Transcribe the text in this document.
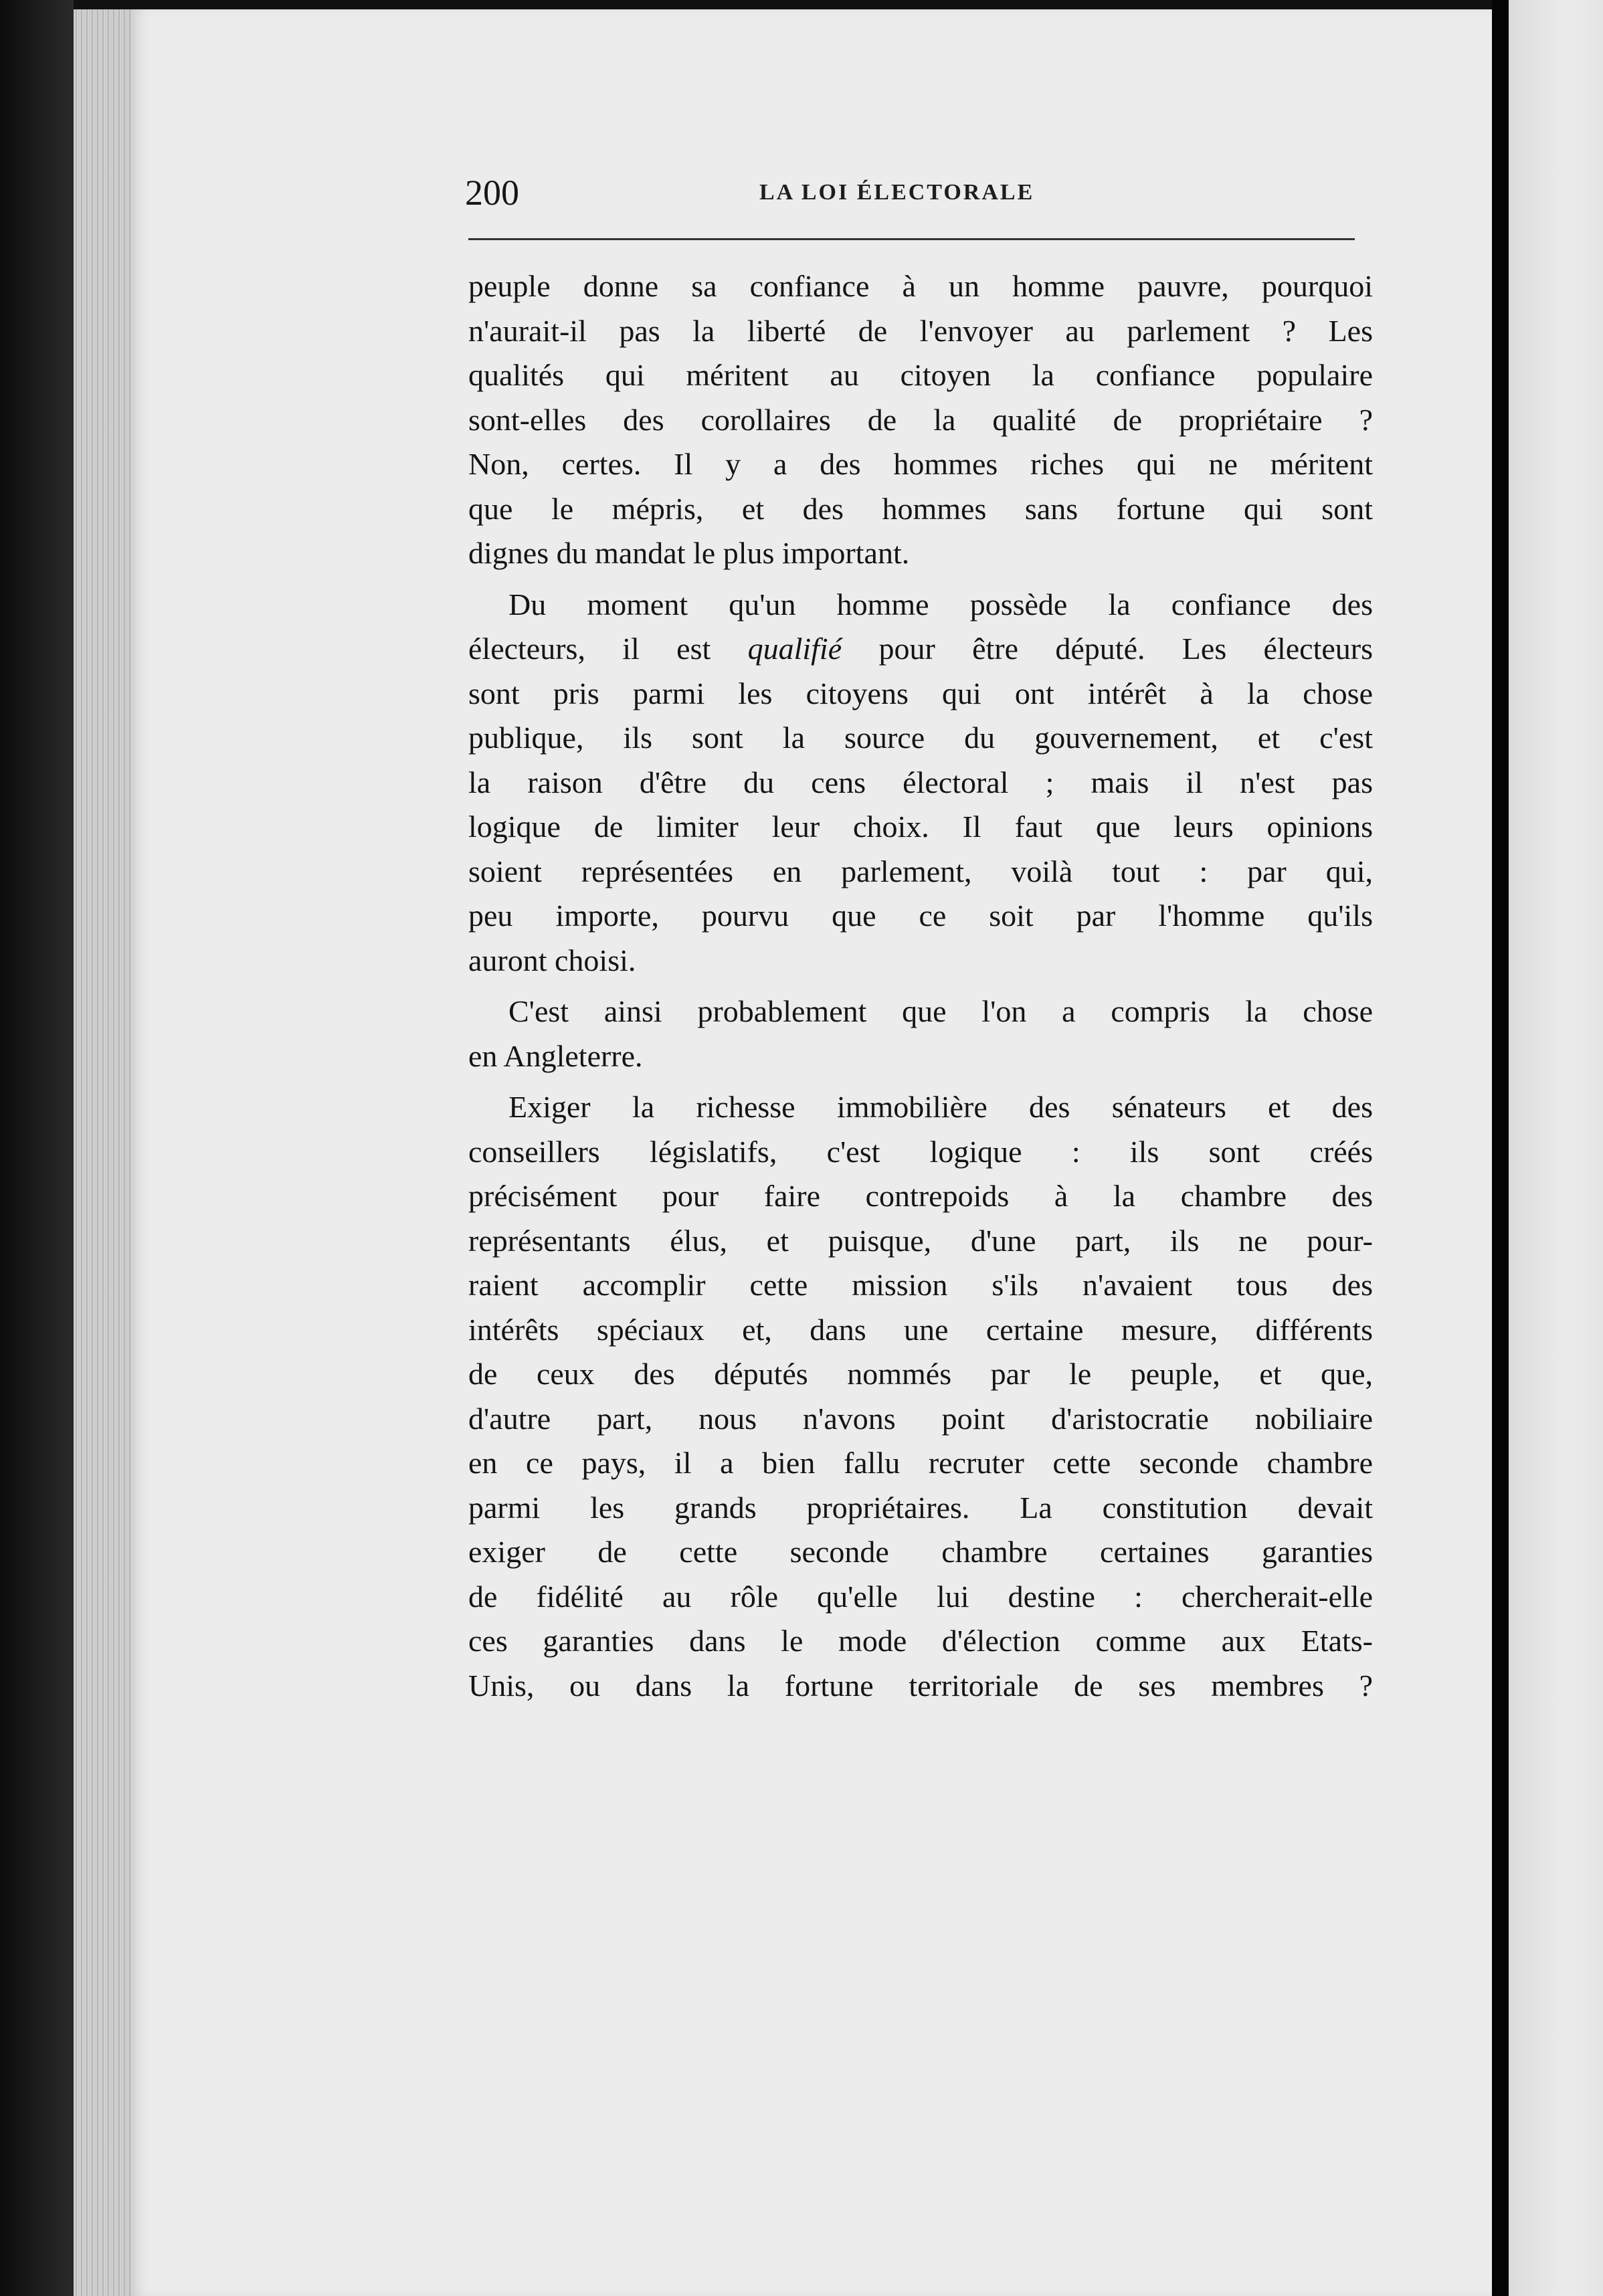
200	LA LOI ÉLECTORALE
peuple donne sa confiance à un homme pauvre, pourquoi
n'aurait-il pas la liberté de l'envoyer au parlement ? Les
qualités qui méritent au citoyen la confiance populaire
sont-elles des corollaires de la qualité de propriétaire ?
Non, certes. Il y a des hommes riches qui ne méritent
que le mépris, et des hommes sans fortune qui sont
dignes du mandat le plus important.
Du moment qu'un homme possède la confiance des
électeurs, il est qualifié pour être député. Les électeurs
sont pris parmi les citoyens qui ont intérêt à la chose
publique, ils sont la source du gouvernement, et c'est
la raison d'être du cens électoral ; mais il n'est pas
logique de limiter leur choix. Il faut que leurs opinions
soient représentées en parlement, voilà tout : par qui,
peu importe, pourvu que ce soit par l'homme qu'ils
auront choisi.
C'est ainsi probablement que l'on a compris la chose
en Angleterre.
Exiger la richesse immobilière des sénateurs et des
conseillers législatifs, c'est logique : ils sont créés
précisément pour faire contrepoids à la chambre des
représentants élus, et puisque, d'une part, ils ne pour-
raient accomplir cette mission s'ils n'avaient tous des
intérêts spéciaux et, dans une certaine mesure, différents
de ceux des députés nommés par le peuple, et que,
d'autre part, nous n'avons point d'aristocratie nobiliaire
en ce pays, il a bien fallu recruter cette seconde chambre
parmi les grands propriétaires. La constitution devait
exiger de cette seconde chambre certaines garanties
de fidélité au rôle qu'elle lui destine : chercherait-elle
ces garanties dans le mode d'élection comme aux Etats-
Unis, ou dans la fortune territoriale de ses membres ?
